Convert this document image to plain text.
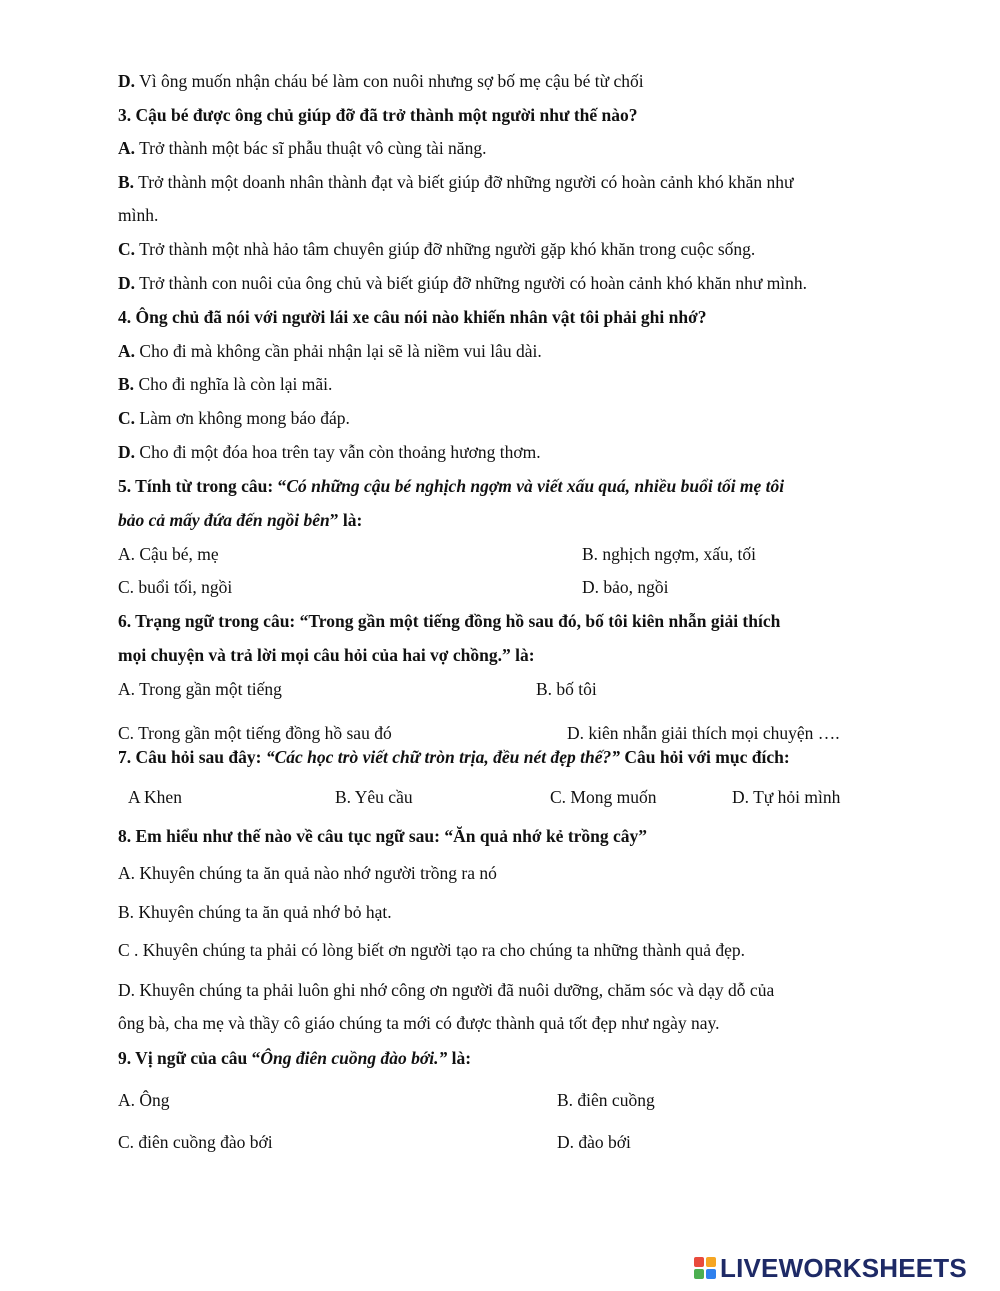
D. Vì ông muốn nhận cháu bé làm con nuôi nhưng sợ bố mẹ cậu bé từ chối
3. Cậu bé được ông chủ giúp đỡ đã trở thành một người như thế nào?
A. Trở thành một bác sĩ phẫu thuật vô cùng tài năng.
B. Trở thành một doanh nhân thành đạt và biết giúp đỡ những người có hoàn cảnh khó khăn như
mình.
C. Trở thành một nhà hảo tâm chuyên giúp đỡ những người gặp khó khăn trong cuộc sống.
D. Trở thành con nuôi của ông chủ và biết giúp đỡ những người có hoàn cảnh khó khăn như mình.
4. Ông chủ đã nói với người lái xe câu nói nào khiến nhân vật tôi phải ghi nhớ?
A. Cho đi mà không cần phải nhận lại sẽ là niềm vui lâu dài.
B. Cho đi nghĩa là còn lại mãi.
C. Làm ơn không mong báo đáp.
D. Cho đi một đóa hoa trên tay vẫn còn thoảng hương thơm.
5. Tính từ trong câu: “Có những cậu bé nghịch ngợm và viết xấu quá, nhiều buổi tối mẹ tôi
bảo cả mấy đứa đến ngồi bên” là:
A. Cậu bé, mẹ	B. nghịch ngợm, xấu, tối
C. buổi tối, ngồi	D. bảo, ngồi
6. Trạng ngữ trong câu: “Trong gần một tiếng đồng hồ sau đó, bố tôi kiên nhẫn giải thích
mọi chuyện và trả lời mọi câu hỏi của hai vợ chồng.” là:
A. Trong gần một tiếng	B. bố tôi
C. Trong gần một tiếng đồng hồ sau đó	D. kiên nhẫn giải thích mọi chuyện ….
7. Câu hỏi sau đây: “Các học trò viết chữ tròn trịa, đều nét đẹp thế?” Câu hỏi với mục đích:
A Khen	B. Yêu cầu	C. Mong muốn	D. Tự hỏi mình
8. Em hiểu như thế nào về câu tục ngữ sau: “Ăn quả nhớ kẻ trồng cây”
A. Khuyên chúng ta ăn quả nào nhớ người trồng ra nó
B. Khuyên chúng ta ăn quả nhớ bỏ hạt.
C . Khuyên chúng ta phải có lòng biết ơn người tạo ra cho chúng ta những thành quả đẹp.
D. Khuyên chúng ta phải luôn ghi nhớ công ơn người đã nuôi dưỡng, chăm sóc và dạy dỗ của
ông bà, cha mẹ và thầy cô giáo chúng ta mới có được thành quả tốt đẹp như ngày nay.
9. Vị ngữ của câu “Ông điên cuồng đào bới.” là:
A. Ông	B. điên cuồng
C. điên cuồng đào bới	D. đào bới
LIVEWORKSHEETS
